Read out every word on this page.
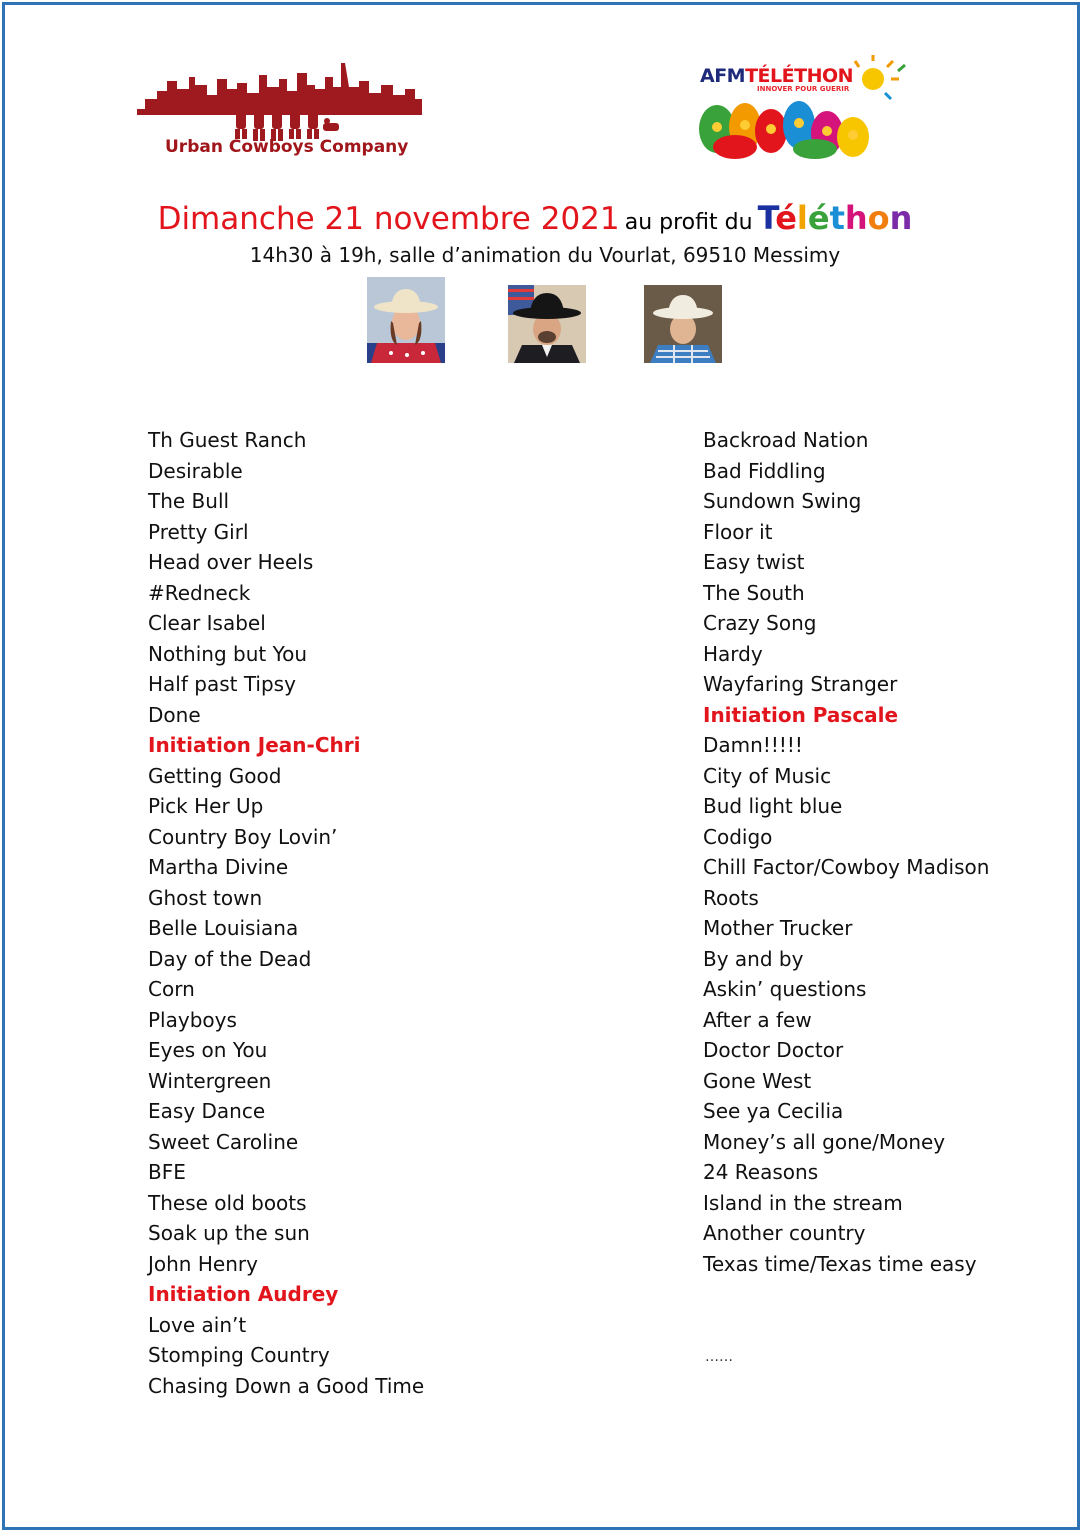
Urban Cowboys Company
AFMTÉLÉTHON
INNOVER POUR GUERIR
Dimanche 21 novembre 2021 au profit du Téléthon
14h30 à 19h, salle d’animation du Vourlat, 69510 Messimy
Th Guest Ranch
Desirable
The Bull
Pretty Girl
Head over Heels
#Redneck
Clear Isabel
Nothing but You
Half past Tipsy
Done
Initiation Jean-Chri
Getting Good
Pick Her Up
Country Boy Lovin’
Martha Divine
Ghost town
Belle Louisiana
Day of the Dead
Corn
Playboys
Eyes on You
Wintergreen
Easy Dance
Sweet Caroline
BFE
These old boots
Soak up the sun
John Henry
Initiation Audrey
Love ain’t
Stomping Country
Chasing Down a Good Time
Backroad Nation
Bad Fiddling
Sundown Swing
Floor it
Easy twist
The South
Crazy Song
Hardy
Wayfaring Stranger
Initiation Pascale
Damn!!!!!
City of Music
Bud light blue
Codigo
Chill Factor/Cowboy Madison
Roots
Mother Trucker
By and by
Askin’ questions
After a few
Doctor Doctor
Gone West
See ya Cecilia
Money’s all gone/Money
24 Reasons
Island in the stream
Another country
Texas time/Texas time easy
……
